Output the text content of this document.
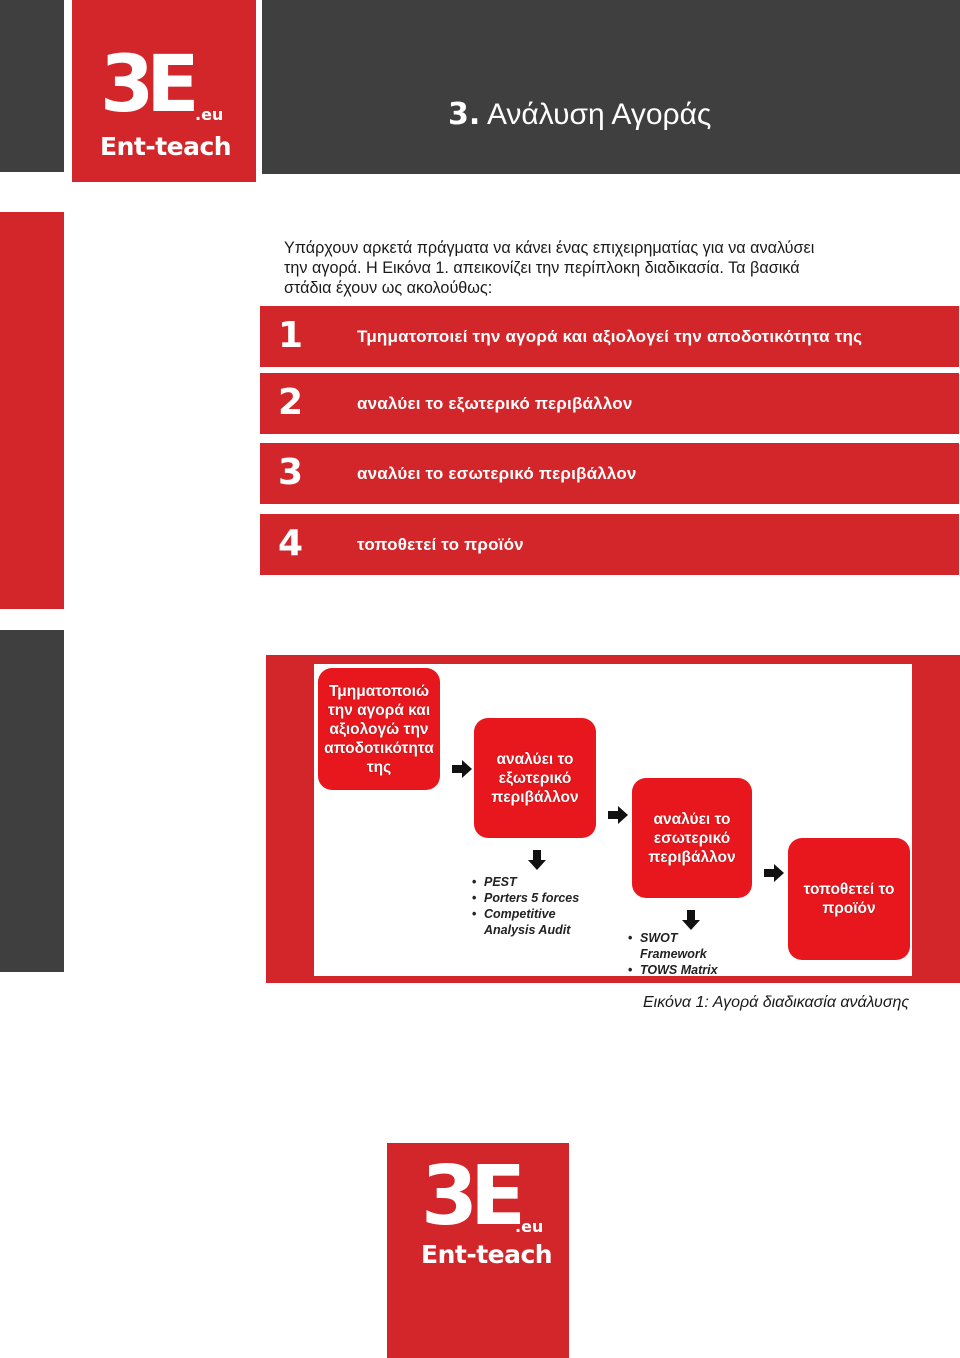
3E .eu
Ent-teach
3. Ανάλυση Αγοράς
Υπάρχουν αρκετά πράγματα να κάνει ένας επιχειρηματίας για να αναλύσει
την αγορά. Η Εικόνα 1. απεικονίζει την περίπλοκη διαδικασία. Τα βασικά
στάδια έχουν ως ακολούθως:
1	Τμηματοποιεί την αγορά και αξιολογεί την αποδοτικότητα της
2	αναλύει το εξωτερικό περιβάλλον
3	αναλύει το εσωτερικό περιβάλλον
4	τοποθετεί το προϊόν
Τμηματοποιώ την αγορά και αξιολογώ την αποδοτικότητα της	αναλύει το εξωτερικό περιβάλλον
• PEST
• Porters 5 forces
• Competitive
Analysis Audit
αναλύει το εσωτερικό περιβάλλον
• SWOT
Framework
• TOWS Matrix
τοποθετεί το προϊόν
Εικόνα 1: Αγορά διαδικασία ανάλυσης
3E
.eu
Ent-teach
